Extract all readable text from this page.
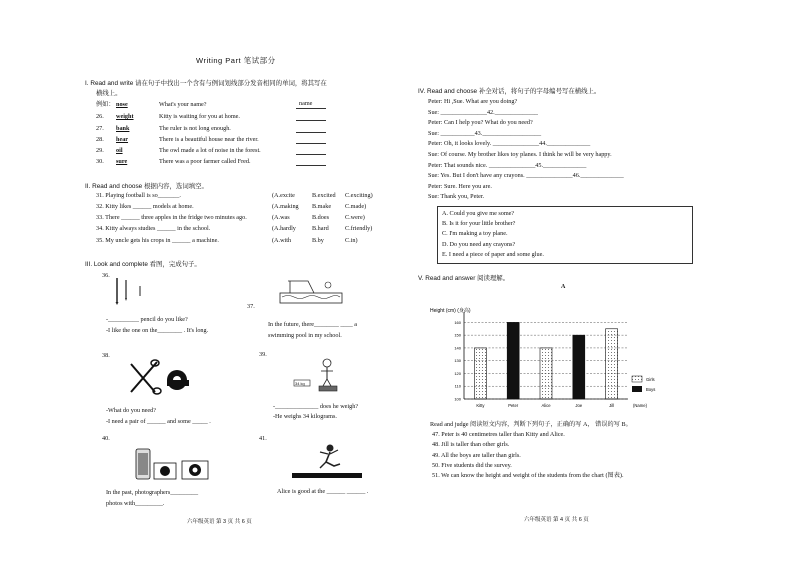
Writing Part 笔试部分
I. Read and write 请在句子中找出一个含有与例词划线部分发音相同的单词，将其写在
横线上。
例如： nose	What's your name?	name
26. weight	Kitty is waiting for you at home.
27. bank	The ruler is not long enough.
28. hear	There is a beautiful house near the river.
29. oil	The owl made a lot of noise in the forest.
30. sure	There was a poor farmer called Fred.
II. Read and choose 根据内容，选词填空。
31. Playing football is so_______.	(A.excite	B.excited C.exciting)
32. Kitty likes ______ models at home.	(A.making B.make C.made)
33. There ______ three apples in the fridge two minutes ago.	(A.was	B.does	C.were)
34. Kitty always studies ______ in the school.	(A.hardly	B.hard	C.friendly)
35. My uncle gets his crops in ______ a machine.	(A.with	B.by	C.in)
III. Look and complete 看图，完成句子。
36.
-__________ pencil do you like?
-I like the one on the________ . It's long.
37.
In the future, there________ ____ a
swimming pool in my school.
38.
-What do you need?
-I need a pair of ______ and some _____ .
39.
34 kg
-______________ does he weigh?
-He weighs 34 kilograms.
40.
In the past, photographers_________
photos with_________.
41.
Alice is good at the ______ ______ .
六年级英语 第 3 页 共 6 页
IV. Read and choose 补全对话，将句子的字母编号写在横线上。
Peter: Hi ,Sue. What are you doing?
Sue: _______________42.______________
Peter: Can I help you? What do you need?
Sue: ___________43.___________________
Peter: Oh, it looks lovely. _______________44.______________
Sue: Of course. My brother likes toy planes. I think he will be very happy.
Peter: That sounds nice. _______________45.______________
Sue: Yes. But I don't have any crayons. _______________46.______________
Peter: Sure. Here you are.
Sue: Thank you, Peter.
A. Could you give me some?
B. Is it for your little brother?
C. I'm making a toy plane.
D. Do you need any crayons?
E. I need a piece of paper and some glue.
V. Read and answer 阅读理解。
A
Height (cm) (身高)
160
150
140
130
120
110
100
Kitty	Peter	Alice	Joe	Jill	(Name)
Girls
Boys
Read and judge 阅读短文内容，判断下列句子，正确的写 A， 错误的写 B。
47. Peter is 40 centimetres taller than Kitty and Alice.
48. Jill is taller than other girls.
49. All the boys are taller than girls.
50. Five students did the survey.
51. We can know the height and weight of the students from the chart (图表).
六年级英语 第 4 页 共 6 页
